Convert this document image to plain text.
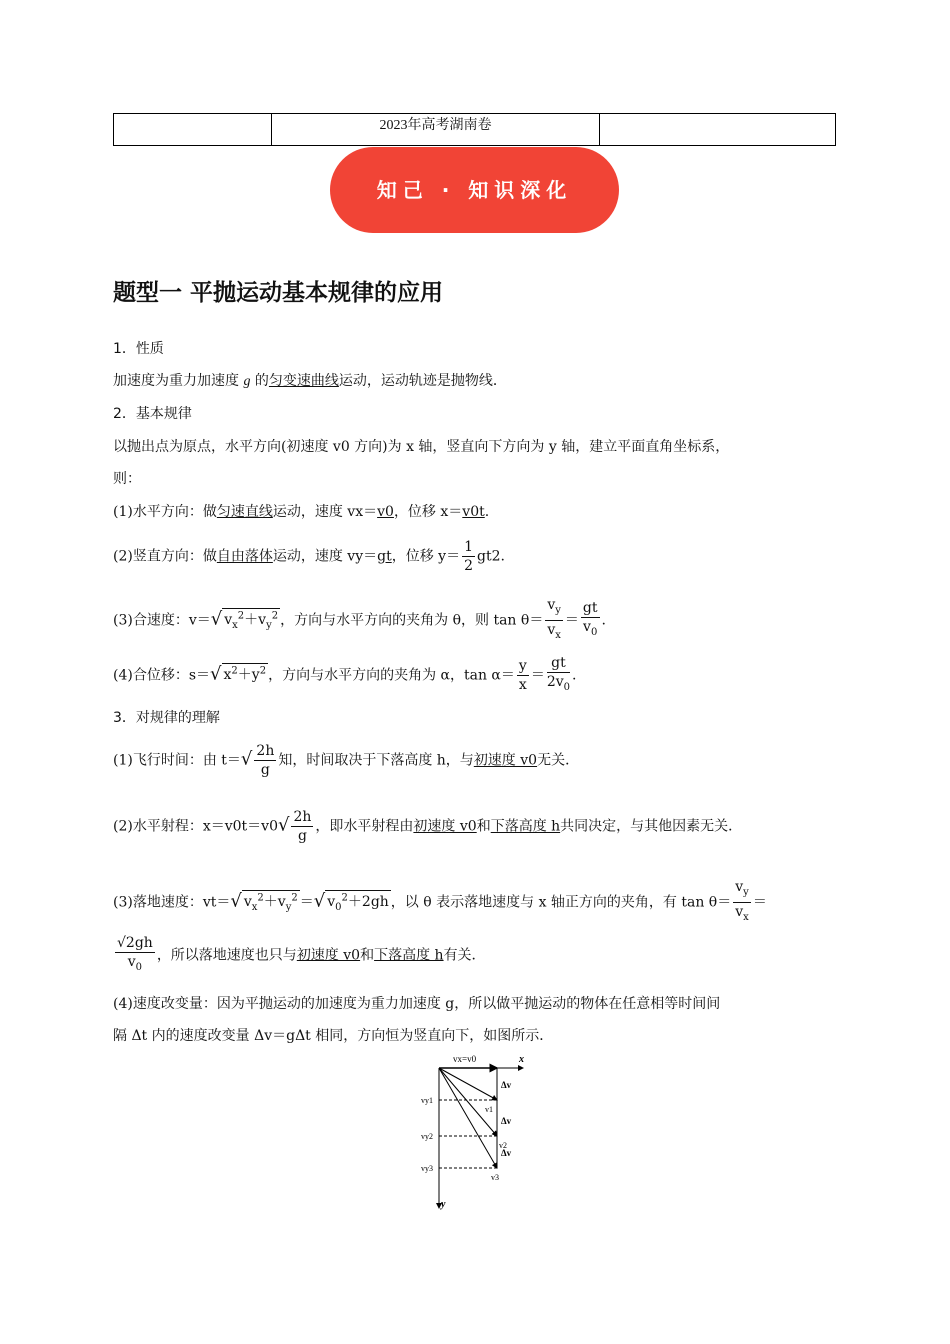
2023年高考湖南卷
知己 · 知识深化
题型一 平抛运动基本规律的应用
1．性质
加速度为重力加速度 g 的匀变速曲线运动，运动轨迹是抛物线．
2．基本规律
以抛出点为原点，水平方向(初速度 v0 方向)为 x 轴，竖直向下方向为 y 轴，建立平面直角坐标系，
则：
(1)水平方向：做匀速直线运动，速度 vx＝v0，位移 x＝v0t.
(2)竖直方向：做自由落体运动，速度 vy＝gt，位移 $y= \frac{1}{2} gt2$.
(3)合速度：v＝√ $v_x^2+v_y^2$ ，方向与水平方向的夹角为 θ，则 $\tan \theta= \frac{v_y}{v_x} = \frac{gt}{v_0}$ .
(4)合位移：s＝√ $x^2+y^2$ ，方向与水平方向的夹角为 α，$\tan \alpha= \frac{y}{x} = \frac{gt}{2v_0}$ .
3．对规律的理解
(1)飞行时间：由 $t=√ \frac{2h}{g}$ 知，时间取决于下落高度 h，与初速度 v0无关．
(2)水平射程：$x=v0t=v0√ \frac{2h}{g}$ ，即水平射程由初速度 v0和下落高度 h共同决定，与其他因素无关．
(3)落地速度：vt＝√ $v_x^2+v_y^2$ ＝√ $v_0^2+2gh$ ，以 θ 表示落地速度与 x 轴正方向的夹角，有 $\tan \theta= \frac{v_y}{v_x}$ ＝
$\frac{√2gh}{v_0}$ ，所以落地速度也只与初速度 v0和下落高度 h有关．
(4)速度改变量：因为平抛运动的加速度为重力加速度 g，所以做平抛运动的物体在任意相等时间间
隔 Δt 内的速度改变量 Δv＝gΔt 相同，方向恒为竖直向下，如图所示．
vx=v0	x
y
vy1
vy2
vy3
v1
v2
v3
Δv
Δv
Δv
